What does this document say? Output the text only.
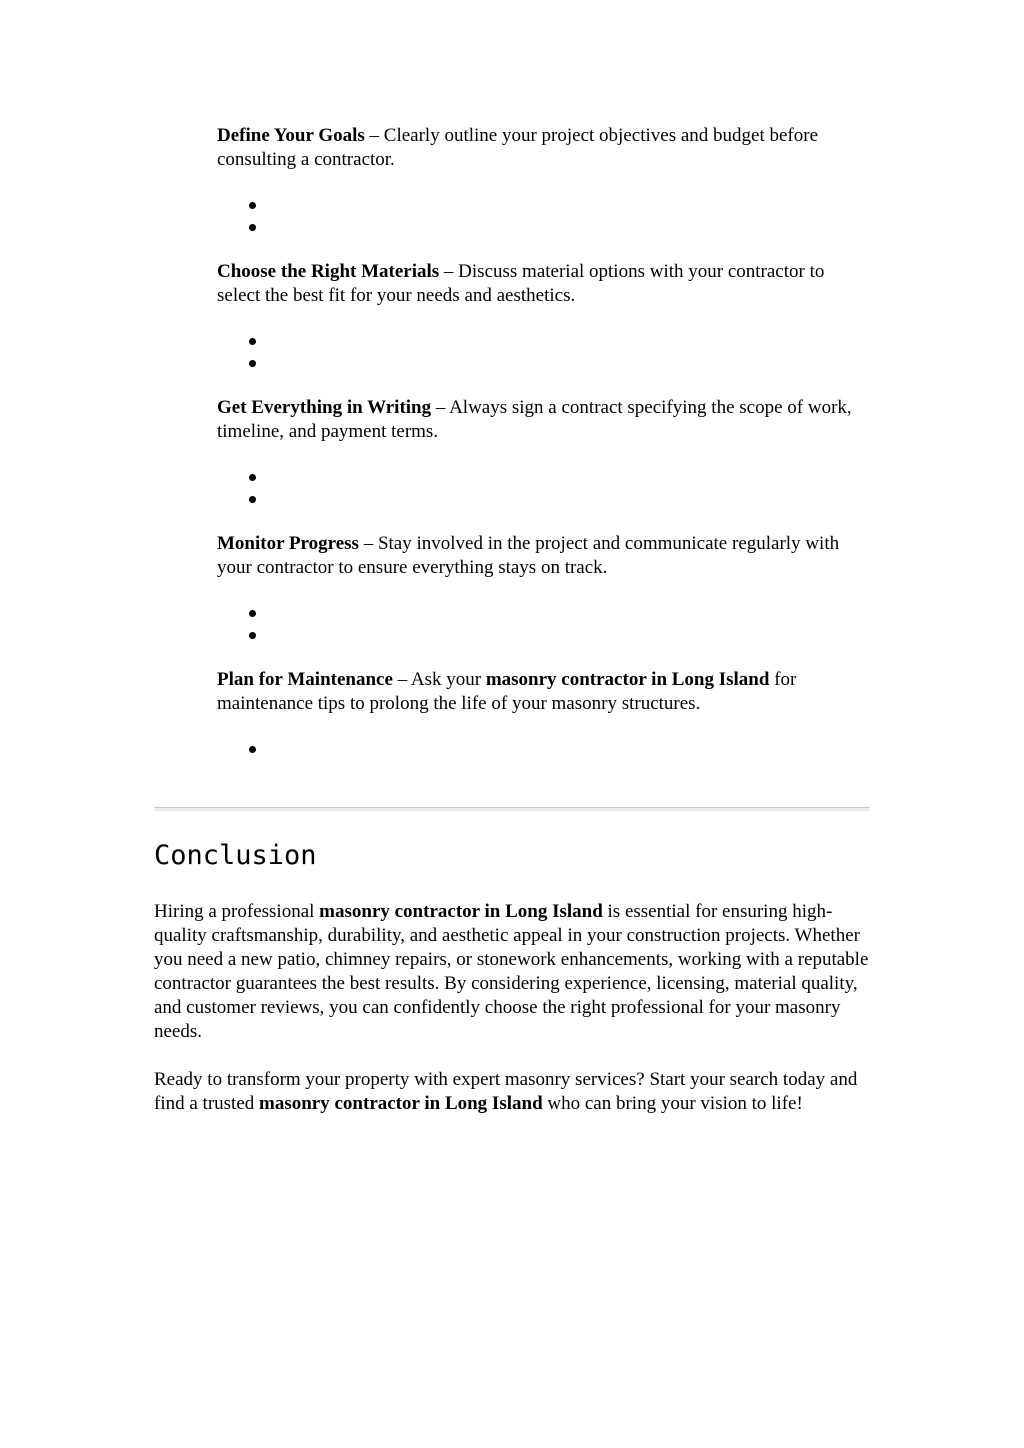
Define Your Goals – Clearly outline your project objectives and budget before consulting a contractor.

Choose the Right Materials – Discuss material options with your contractor to select the best fit for your needs and aesthetics.

Get Everything in Writing – Always sign a contract specifying the scope of work, timeline, and payment terms.

Monitor Progress – Stay involved in the project and communicate regularly with your contractor to ensure everything stays on track.

Plan for Maintenance – Ask your masonry contractor in Long Island for maintenance tips to prolong the life of your masonry structures.

Conclusion

Hiring a professional masonry contractor in Long Island is essential for ensuring high-quality craftsmanship, durability, and aesthetic appeal in your construction projects. Whether you need a new patio, chimney repairs, or stonework enhancements, working with a reputable contractor guarantees the best results. By considering experience, licensing, material quality, and customer reviews, you can confidently choose the right professional for your masonry needs.

Ready to transform your property with expert masonry services? Start your search today and find a trusted masonry contractor in Long Island who can bring your vision to life!
